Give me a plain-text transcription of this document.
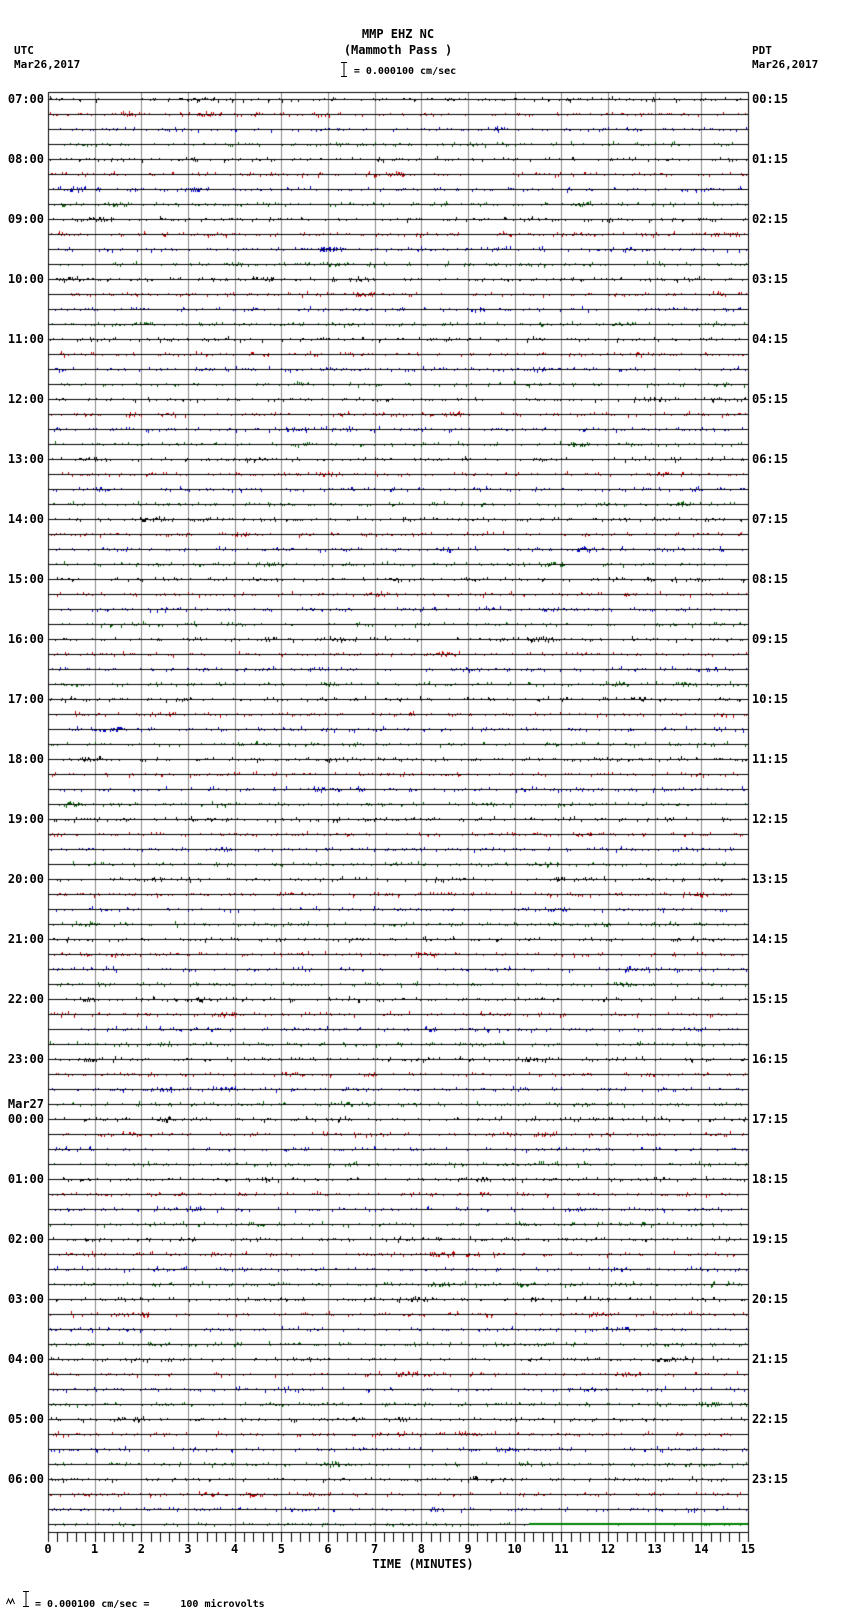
UTC
Mar26,2017
MMP EHZ NC
(Mammoth Pass )
= 0.000100 cm/sec
PDT
Mar26,2017
07:00
08:00
09:00
10:00
11:00
12:00
13:00
14:00
15:00
16:00
17:00
18:00
19:00
20:00
21:00
22:00
23:00
Mar27
00:00
01:00
02:00
03:00
04:00
05:00
06:00
00:15
01:15
02:15
03:15
04:15
05:15
06:15
07:15
08:15
09:15
10:15
11:15
12:15
13:15
14:15
15:15
16:15
17:15
18:15
19:15
20:15
21:15
22:15
23:15
0	1	2	3	4	5	6	7	8	9	10	11	12	13	14	15
TIME (MINUTES)
= 0.000100 cm/sec =	100 microvolts
